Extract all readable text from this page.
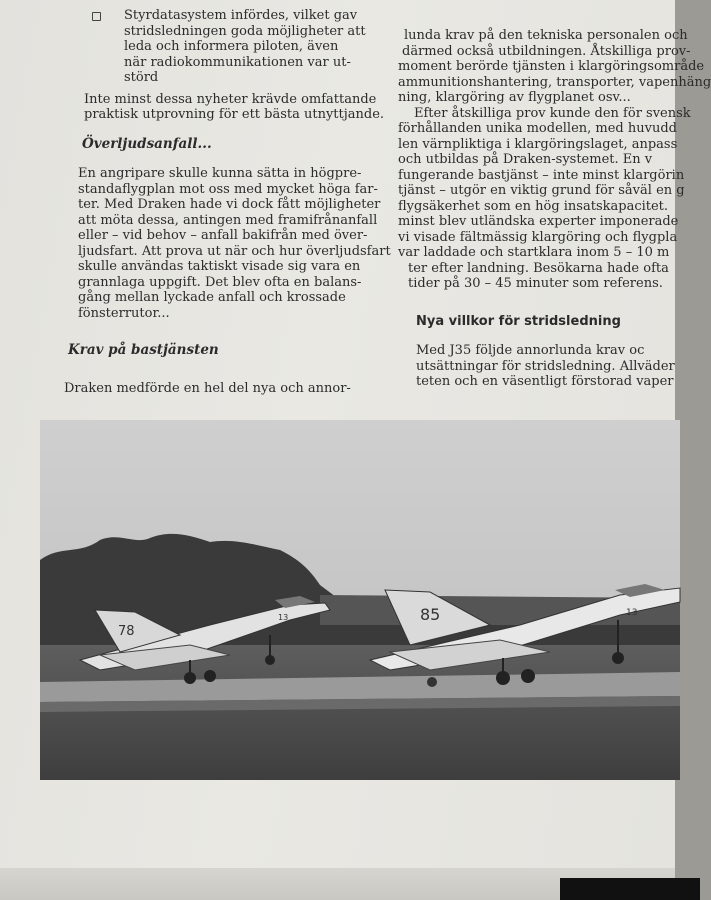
Styrdatasystem infördes, vilket gav
stridsledningen goda möjligheter att
leda och informera piloten, även
när radiokommunikationen var ut-
störd
Inte minst dessa nyheter krävde omfattande
praktisk utprovning för ett bästa utnyttjande.
Överljudsanfall...
En angripare skulle kunna sätta in högpre-
standaflygplan mot oss med mycket höga far-
ter. Med Draken hade vi dock fått möjligheter
att möta dessa, antingen med framifrånanfall
eller – vid behov – anfall bakifrån med över-
ljudsfart. Att prova ut när och hur överljudsfart
skulle användas taktiskt visade sig vara en
grannlaga uppgift. Det blev ofta en balans-
gång mellan lyckade anfall och krossade
fönsterrutor...
Krav på bastjänsten
Draken medförde en hel del nya och annor-
lunda krav på den tekniska personalen och
därmed också utbildningen. Åtskilliga prov-
moment berörde tjänsten i klargöringsområde
ammunitionshantering, transporter, vapenhäng
ning, klargöring av flygplanet osv...
Efter åtskilliga prov kunde den för svensk
förhållanden unika modellen, med huvudd
len värnpliktiga i klargöringslaget, anpass
och utbildas på Draken-systemet. En v
fungerande bastjänst – inte minst klargörin
tjänst – utgör en viktig grund för såväl en g
flygsäkerhet som en hög insatskapacitet.
minst blev utländska experter imponerade
vi visade fältmässig klargöring och flygpla
var laddade och startklara inom 5 – 10 m
ter efter landning. Besökarna hade ofta
tider på 30 – 45 minuter som referens.
Nya villkor för stridsledning
Med J35 följde annorlunda krav oc
utsättningar för stridsledning. Allväder
teten och en väsentligt förstorad vaper
78
13	85	13
